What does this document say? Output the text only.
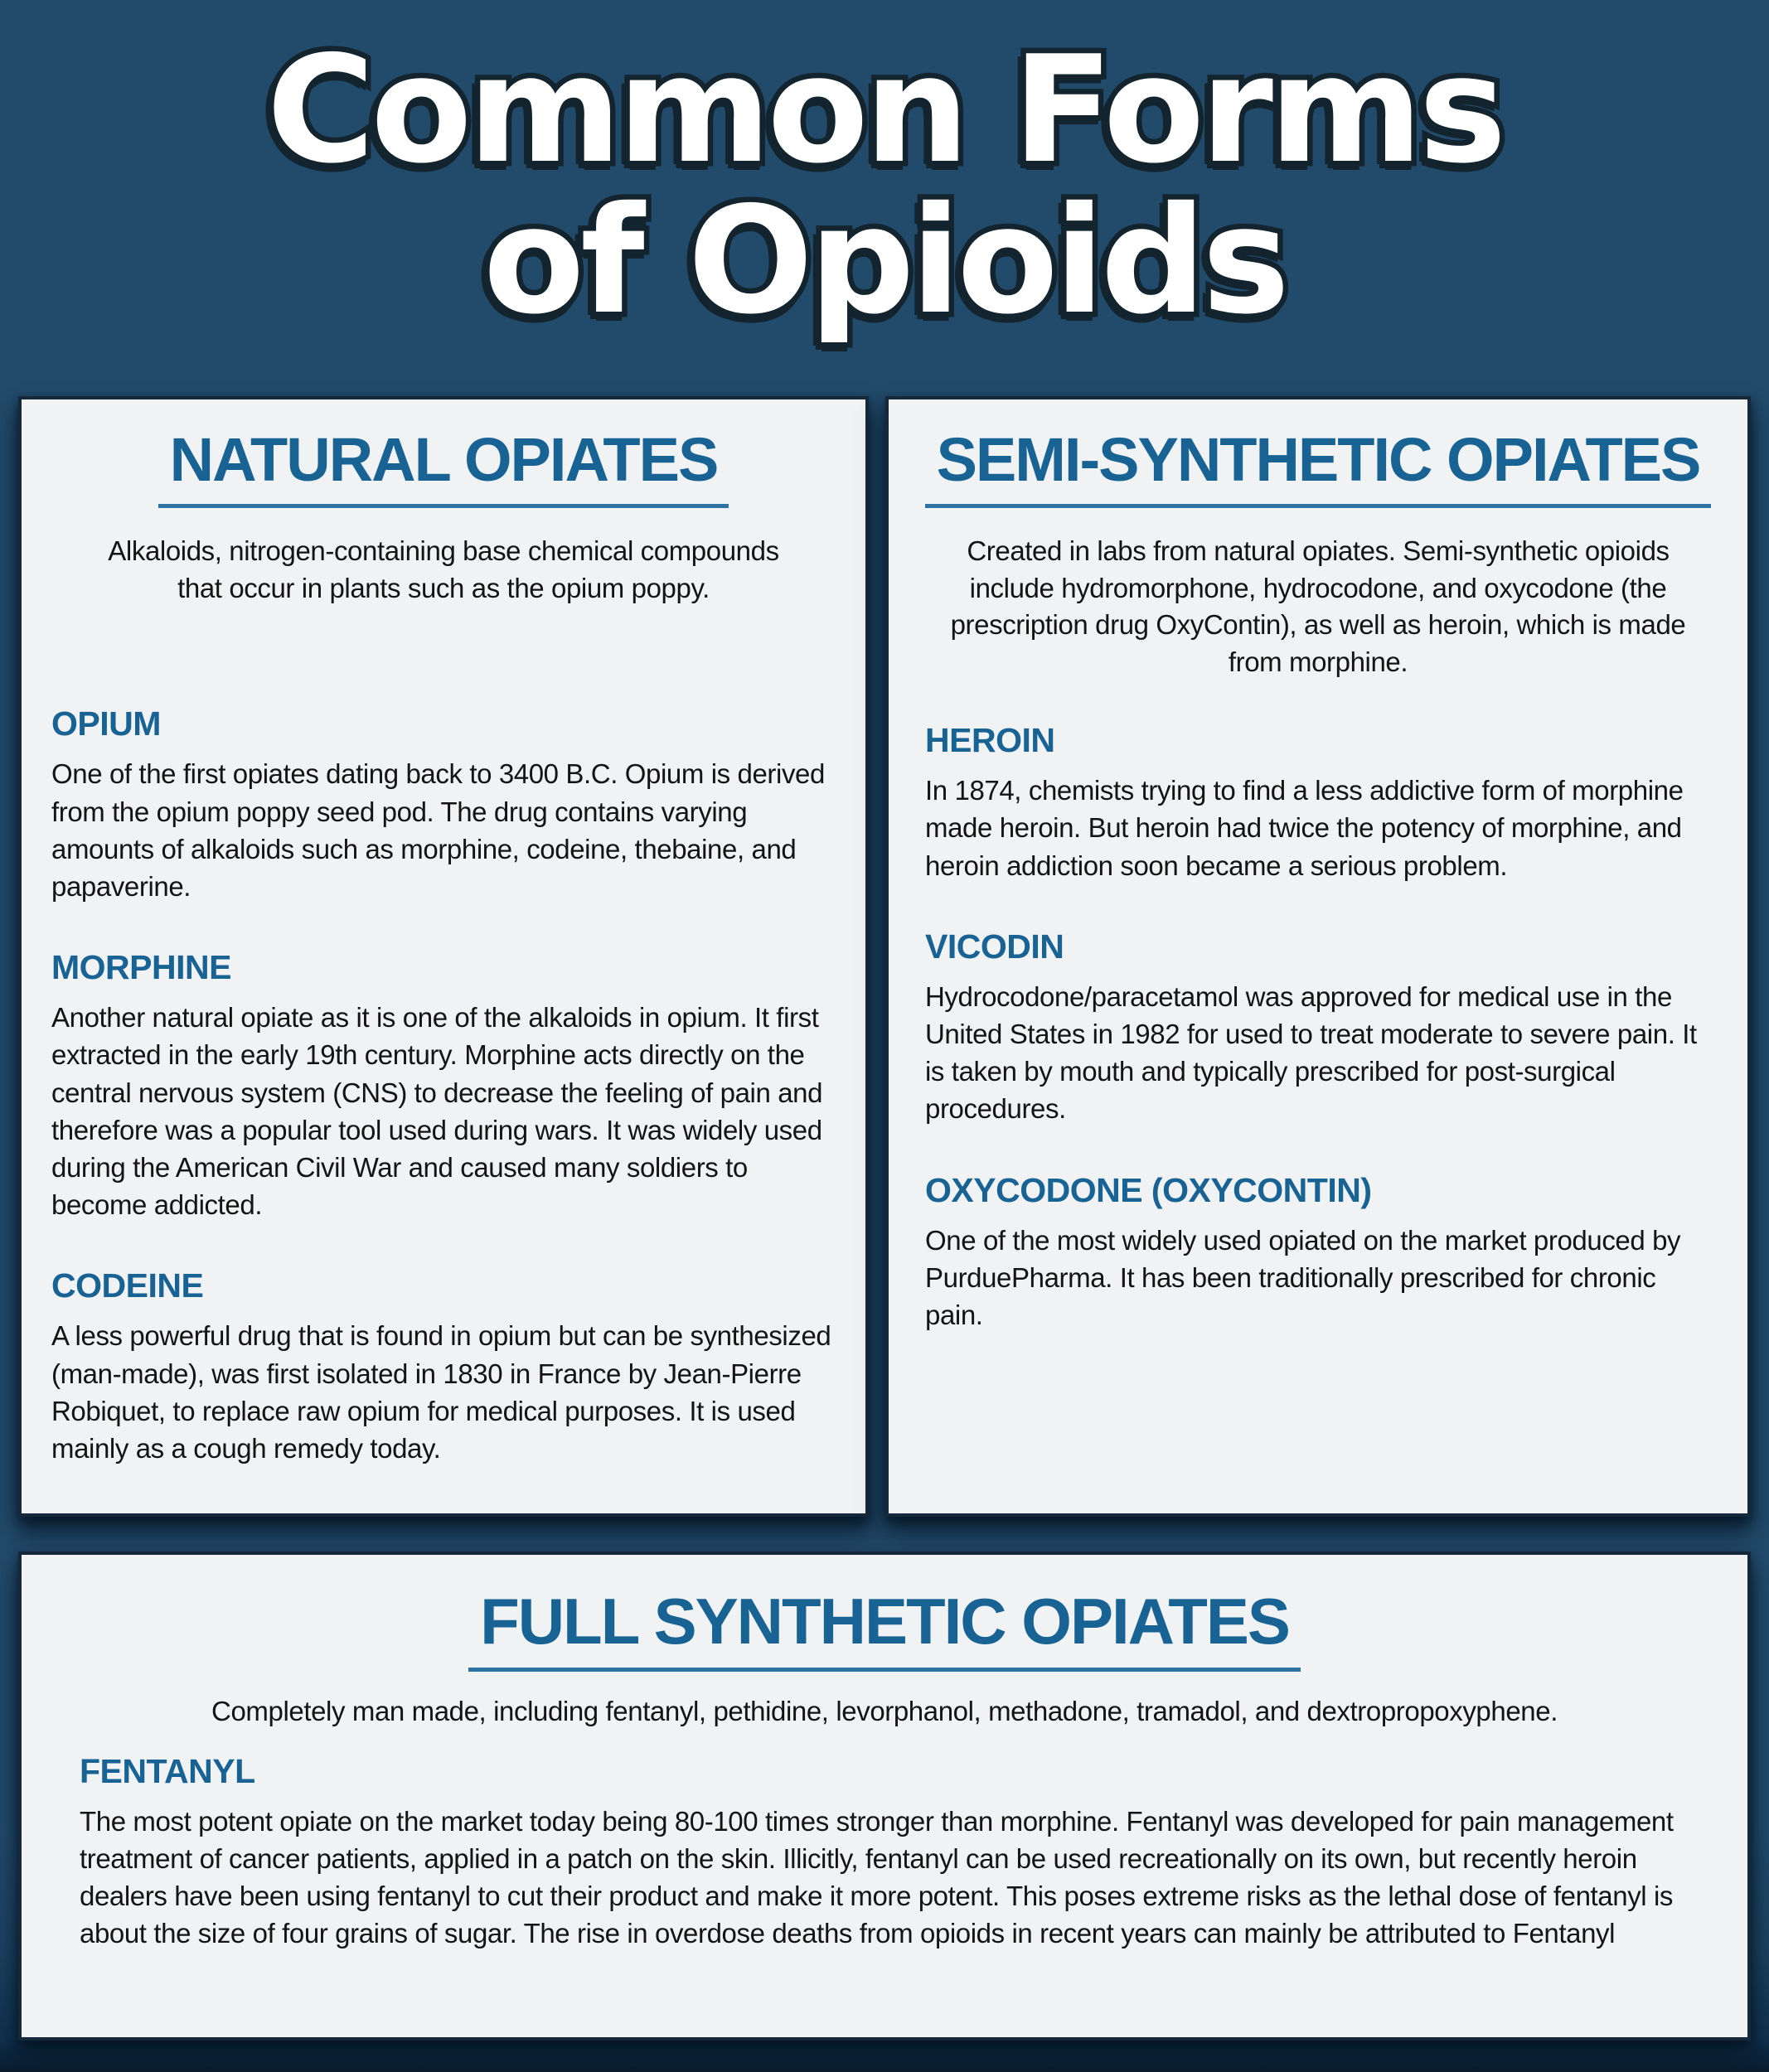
Common Forms
of Opioids
NATURAL OPIATES

Alkaloids, nitrogen-containing base chemical compounds that occur in plants such as the opium poppy.

OPIUM

One of the first opiates dating back to 3400 B.C. Opium is derived from the opium poppy seed pod. The drug contains varying amounts of alkaloids such as morphine, codeine, thebaine, and papaverine.

MORPHINE

Another natural opiate as it is one of the alkaloids in opium. It first extracted in the early 19th century. Morphine acts directly on the central nervous system (CNS) to decrease the feeling of pain and therefore was a popular tool used during wars. It was widely used during the American Civil War and caused many soldiers to become addicted.

CODEINE

A less powerful drug that is found in opium but can be synthesized (man-made), was first isolated in 1830 in France by Jean-Pierre Robiquet, to replace raw opium for medical purposes. It is used mainly as a cough remedy today.

SEMI-SYNTHETIC OPIATES

Created in labs from natural opiates. Semi-synthetic opioids include hydromorphone, hydrocodone, and oxycodone (the prescription drug OxyContin), as well as heroin, which is made from morphine.

HEROIN

In 1874, chemists trying to find a less addictive form of morphine made heroin. But heroin had twice the potency of morphine, and heroin addiction soon became a serious problem.

VICODIN

Hydrocodone/paracetamol was approved for medical use in the United States in 1982 for used to treat moderate to severe pain. It is taken by mouth and typically prescribed for post-surgical procedures.

OXYCODONE (OXYCONTIN)

One of the most widely used opiated on the market produced by PurduePharma. It has been traditionally prescribed for chronic pain.

FULL SYNTHETIC OPIATES

Completely man made, including fentanyl, pethidine, levorphanol, methadone, tramadol, and dextropropoxyphene.

FENTANYL

The most potent opiate on the market today being 80-100 times stronger than morphine. Fentanyl was developed for pain management treatment of cancer patients, applied in a patch on the skin. Illicitly, fentanyl can be used recreationally on its own, but recently heroin dealers have been using fentanyl to cut their product and make it more potent. This poses extreme risks as the lethal dose of fentanyl is about the size of four grains of sugar. The rise in overdose deaths from opioids in recent years can mainly be attributed to Fentanyl
